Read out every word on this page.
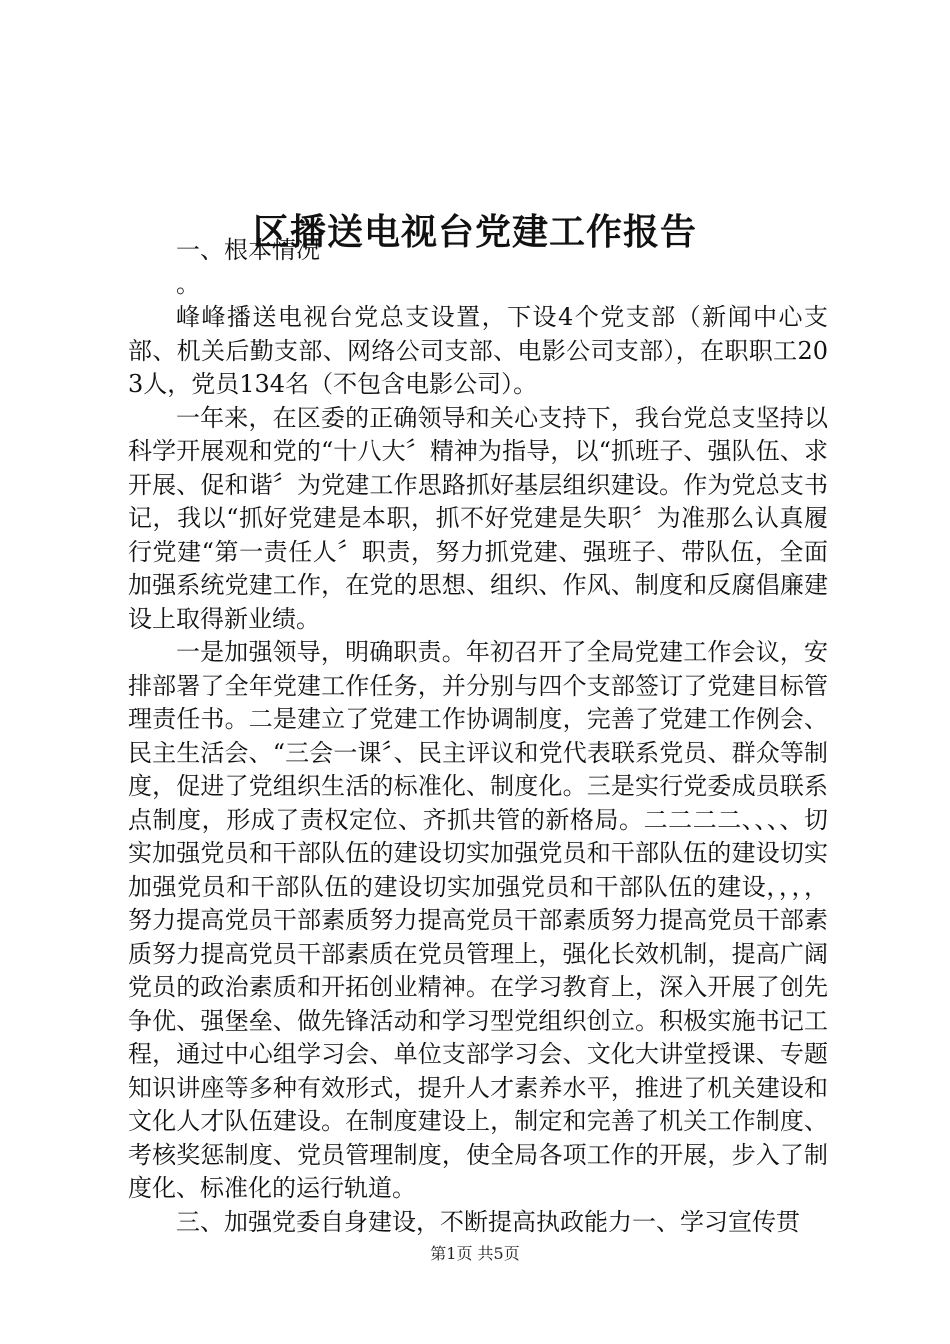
区播送电视台党建工作报告

一、根本情况

。

峰峰播送电视台党总支设置，下设4个党支部（新闻中心支部、机关后勤支部、网络公司支部、电影公司支部），在职职工203人，党员134名（不包含电影公司）。

一年来，在区委的正确领导和关心支持下，我台党总支坚持以科学开展观和党的“十八大〞精神为指导，以“抓班子、强队伍、求开展、促和谐〞为党建工作思路抓好基层组织建设。作为党总支书记，我以“抓好党建是本职，抓不好党建是失职〞为准那么认真履行党建“第一责任人〞职责，努力抓党建、强班子、带队伍，全面加强系统党建工作，在党的思想、组织、作风、制度和反腐倡廉建设上取得新业绩。

一是加强领导，明确职责。年初召开了全局党建工作会议，安排部署了全年党建工作任务，并分别与四个支部签订了党建目标管理责任书。二是建立了党建工作协调制度，完善了党建工作例会、民主生活会、“三会一课〞、民主评议和党代表联系党员、群众等制度，促进了党组织生活的标准化、制度化。三是实行党委成员联系点制度，形成了责权定位、齐抓共管的新格局。二二二二、、、、切实加强党员和干部队伍的建设切实加强党员和干部队伍的建设切实加强党员和干部队伍的建设切实加强党员和干部队伍的建设，，，，努力提高党员干部素质努力提高党员干部素质努力提高党员干部素质努力提高党员干部素质在党员管理上，强化长效机制，提高广阔党员的政治素质和开拓创业精神。在学习教育上，深入开展了创先争优、强堡垒、做先锋活动和学习型党组织创立。积极实施书记工程，通过中心组学习会、单位支部学习会、文化大讲堂授课、专题知识讲座等多种有效形式，提升人才素养水平，推进了机关建设和文化人才队伍建设。在制度建设上，制定和完善了机关工作制度、考核奖惩制度、党员管理制度，使全局各项工作的开展，步入了制度化、标准化的运行轨道。

三、加强党委自身建设，不断提高执政能力一、学习宣传贯

第1页 共5页
